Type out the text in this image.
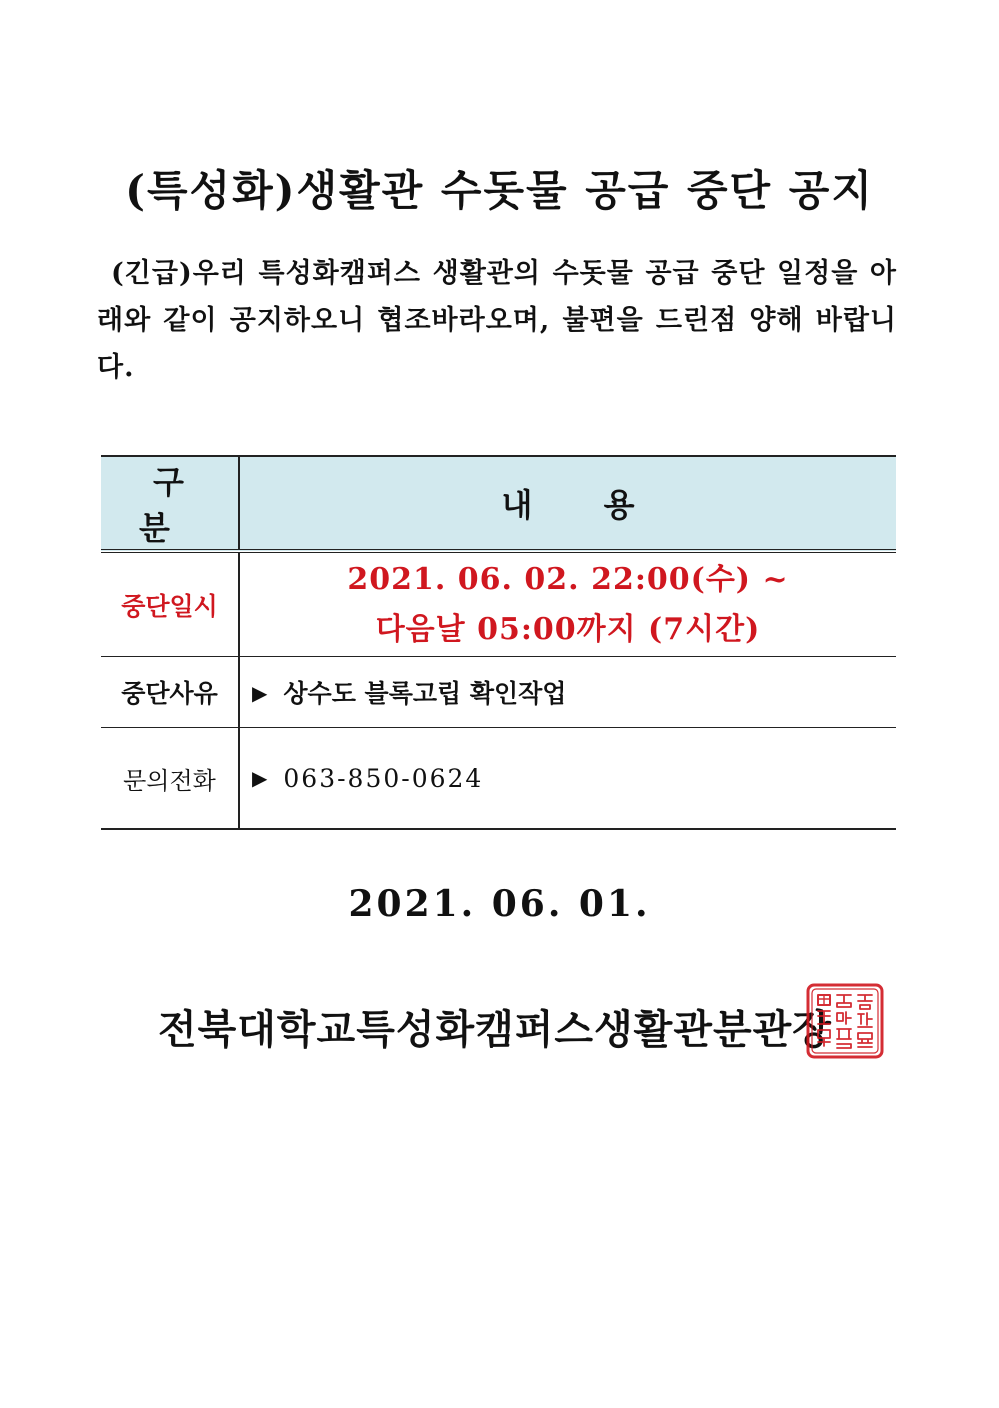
(특성화)생활관 수돗물 공급 중단 공지
(긴급)우리 특성화캠퍼스 생활관의 수돗물 공급 중단 일정을 아래와 같이 공지하오니 협조바라오며, 불편을 드린점 양해 바랍니다.
구 분	내 용
중단일시	2021. 06. 02. 22:00(수) ~
다음날 05:00까지 (7시간)

중단사유	▶ 상수도 블록고립 확인작업
문의전화	▶ 063-850-0624
2021. 06. 01.
전북대학교특성화캠퍼스생활관분관장
